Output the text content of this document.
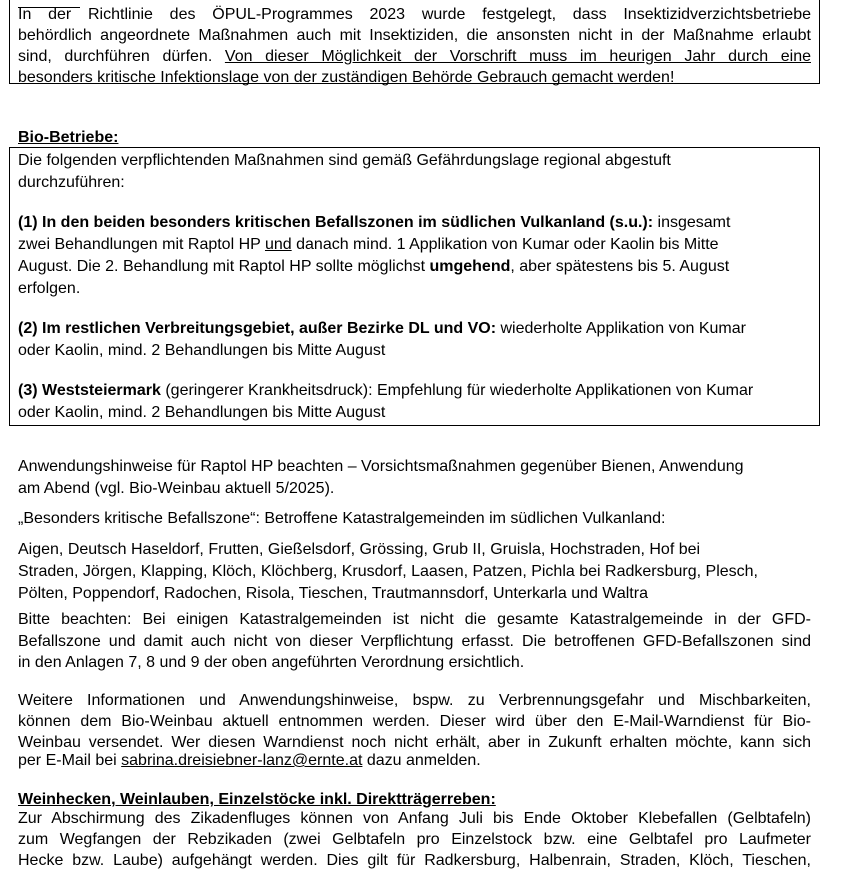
In der Richtlinie des ÖPUL-Programmes 2023 wurde festgelegt, dass Insektizidverzichtsbetriebe
behördlich angeordnete Maßnahmen auch mit Insektiziden, die ansonsten nicht in der Maßnahme erlaubt
sind, durchführen dürfen. Von dieser Möglichkeit der Vorschrift muss im heurigen Jahr durch eine
besonders kritische Infektionslage von der zuständigen Behörde Gebrauch gemacht werden!
Bio-Betriebe:
Die folgenden verpflichtenden Maßnahmen sind gemäß Gefährdungslage regional abgestuft
durchzuführen:
(1) In den beiden besonders kritischen Befallszonen im südlichen Vulkanland (s.u.): insgesamt
zwei Behandlungen mit Raptol HP und danach mind. 1 Applikation von Kumar oder Kaolin bis Mitte
August. Die 2. Behandlung mit Raptol HP sollte möglichst umgehend, aber spätestens bis 5. August
erfolgen.
(2) Im restlichen Verbreitungsgebiet, außer Bezirke DL und VO: wiederholte Applikation von Kumar
oder Kaolin, mind. 2 Behandlungen bis Mitte August
(3) Weststeiermark (geringerer Krankheitsdruck): Empfehlung für wiederholte Applikationen von Kumar
oder Kaolin, mind. 2 Behandlungen bis Mitte August
Anwendungshinweise für Raptol HP beachten – Vorsichtsmaßnahmen gegenüber Bienen, Anwendung
am Abend (vgl. Bio-Weinbau aktuell 5/2025).
„Besonders kritische Befallszone“: Betroffene Katastralgemeinden im südlichen Vulkanland:
Aigen, Deutsch Haseldorf, Frutten, Gießelsdorf, Grössing, Grub II, Gruisla, Hochstraden, Hof bei
Straden, Jörgen, Klapping, Klöch, Klöchberg, Krusdorf, Laasen, Patzen, Pichla bei Radkersburg, Plesch,
Pölten, Poppendorf, Radochen, Risola, Tieschen, Trautmannsdorf, Unterkarla und Waltra
Bitte beachten: Bei einigen Katastralgemeinden ist nicht die gesamte Katastralgemeinde in der GFD-
Befallszone und damit auch nicht von dieser Verpflichtung erfasst. Die betroffenen GFD-Befallszonen sind
in den Anlagen 7, 8 und 9 der oben angeführten Verordnung ersichtlich.
Weitere Informationen und Anwendungshinweise, bspw. zu Verbrennungsgefahr und Mischbarkeiten,
können dem Bio-Weinbau aktuell entnommen werden. Dieser wird über den E-Mail-Warndienst für Bio-
Weinbau versendet. Wer diesen Warndienst noch nicht erhält, aber in Zukunft erhalten möchte, kann sich
per E-Mail bei sabrina.dreisiebner-lanz@ernte.at dazu anmelden.
Weinhecken, Weinlauben, Einzelstöcke inkl. Direktträgerreben:
Zur Abschirmung des Zikadenfluges können von Anfang Juli bis Ende Oktober Klebefallen (Gelbtafeln)
zum Wegfangen der Rebzikaden (zwei Gelbtafeln pro Einzelstock bzw. eine Gelbtafel pro Laufmeter
Hecke bzw. Laube) aufgehängt werden. Dies gilt für Radkersburg, Halbenrain, Straden, Klöch, Tieschen,
